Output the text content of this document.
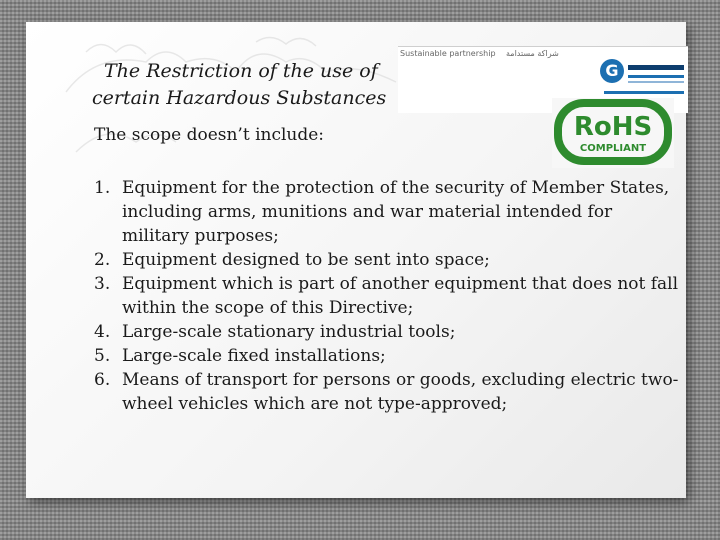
The Restriction of the use of
certain Hazardous Substances
The scope doesn’t include:
Sustainable partnership شراكة مستدامة
G
RoHS
COMPLIANT
1. Equipment for the protection of the security of Member States, including arms, munitions and war material intended for military purposes;
2. Equipment designed to be sent into space;
3. Equipment which is part of another equipment that does not fall within the scope of this Directive;
4. Large-scale stationary industrial tools;
5. Large-scale fixed installations;
6. Means of transport for persons or goods, excluding electric two-wheel vehicles which are not type-approved;
